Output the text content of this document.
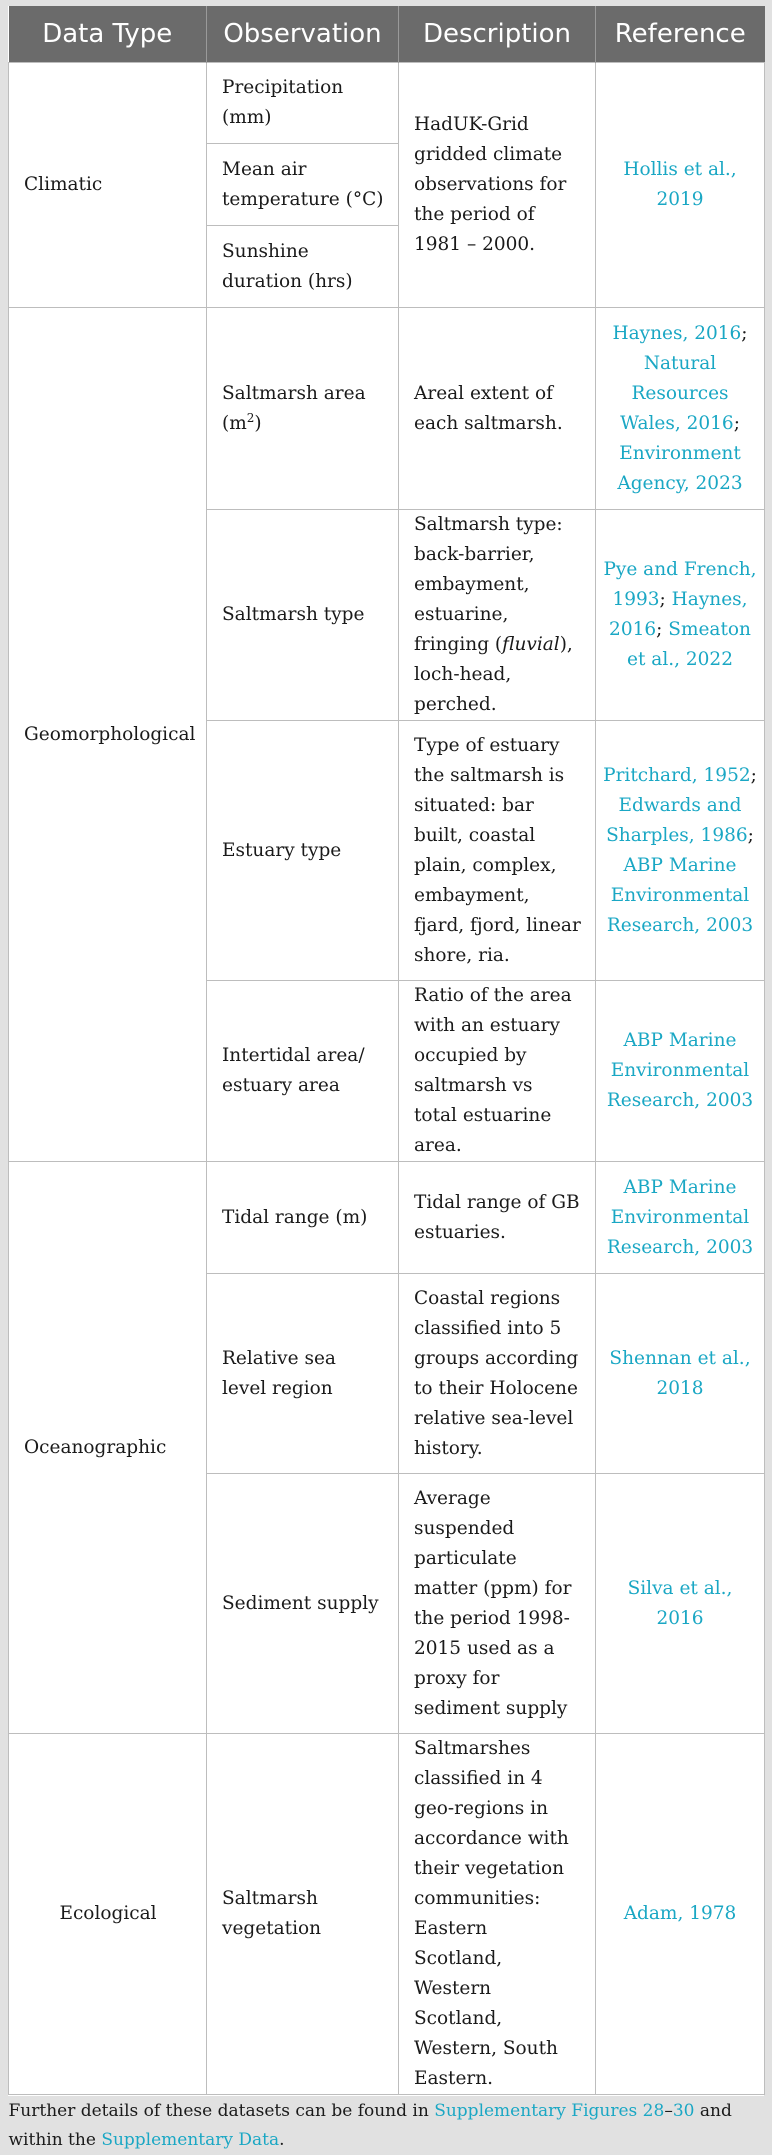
Data Type	Observation	Description	Reference
Climatic	Precipitation (mm)	HadUK-Grid gridded climate observations for the period of 1981 – 2000.	Hollis et al., 2019
	Mean air temperature (°C)		
	Sunshine duration (hrs)		
Geomorphological	Saltmarsh area $(m^2)$	Areal extent of each saltmarsh.	Haynes, 2016; Natural Resources Wales, 2016; Environment Agency, 2023
	Saltmarsh type	Saltmarsh type: back-barrier, embayment, estuarine, fringing (fluvial), loch-head, perched.	Pye and French, 1993; Haynes, 2016; Smeaton et al., 2022
	Estuary type	Type of estuary the saltmarsh is situated: bar built, coastal plain, complex, embayment, fjard, fjord, linear shore, ria.	Pritchard, 1952; Edwards and Sharples, 1986; ABP Marine Environmental Research, 2003
	Intertidal area/ estuary area	Ratio of the area with an estuary occupied by saltmarsh vs total estuarine area.	ABP Marine Environmental Research, 2003
Oceanographic	Tidal range (m)	Tidal range of GB estuaries.	ABP Marine Environmental Research, 2003
	Relative sea level region	Coastal regions classified into 5 groups according to their Holocene relative sea-level history.	Shennan et al., 2018
	Sediment supply	Average suspended particulate matter (ppm) for the period 1998-2015 used as a proxy for sediment supply	Silva et al., 2016
Ecological	Saltmarsh vegetation	Saltmarshes classified in 4 geo-regions in accordance with their vegetation communities: Eastern Scotland, Western Scotland, Western, South Eastern.	Adam, 1978
Further details of these datasets can be found in Supplementary Figures 28–30 and within the Supplementary Data.			
